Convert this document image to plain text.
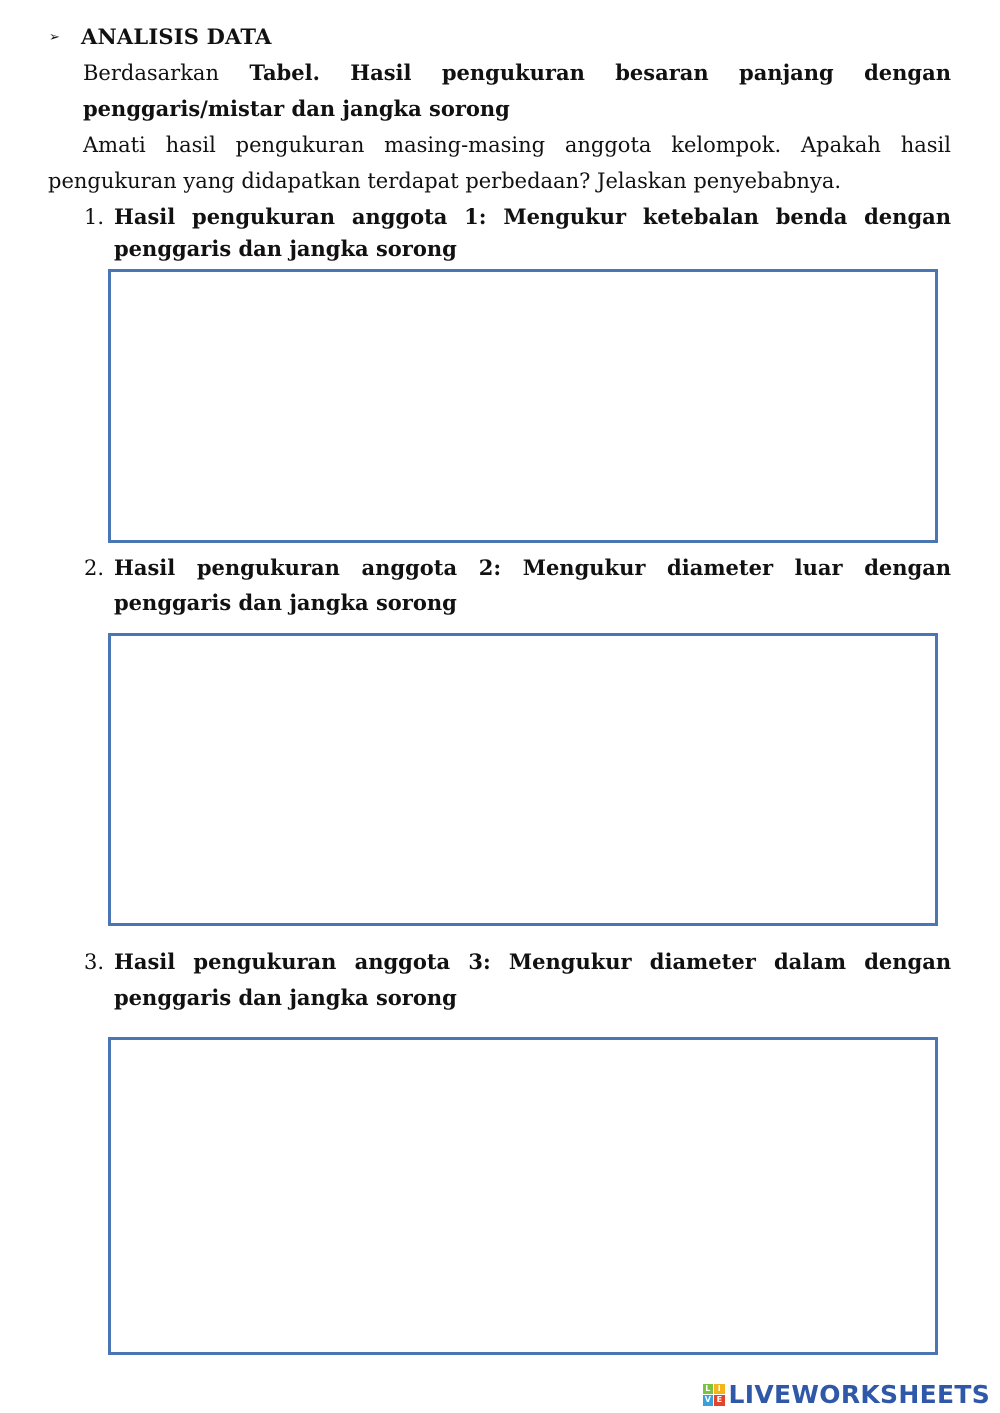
➢ ANALISIS DATA
Berdasarkan Tabel. Hasil pengukuran besaran panjang dengan
penggaris/mistar dan jangka sorong
Amati hasil pengukuran masing-masing anggota kelompok. Apakah hasil
pengukuran yang didapatkan terdapat perbedaan? Jelaskan penyebabnya.
1. Hasil pengukuran anggota 1: Mengukur ketebalan benda dengan
penggaris dan jangka sorong
2. Hasil pengukuran anggota 2: Mengukur diameter luar dengan
penggaris dan jangka sorong
3. Hasil pengukuran anggota 3: Mengukur diameter dalam dengan
penggaris dan jangka sorong
L I
V E LIVEWORKSHEETS
